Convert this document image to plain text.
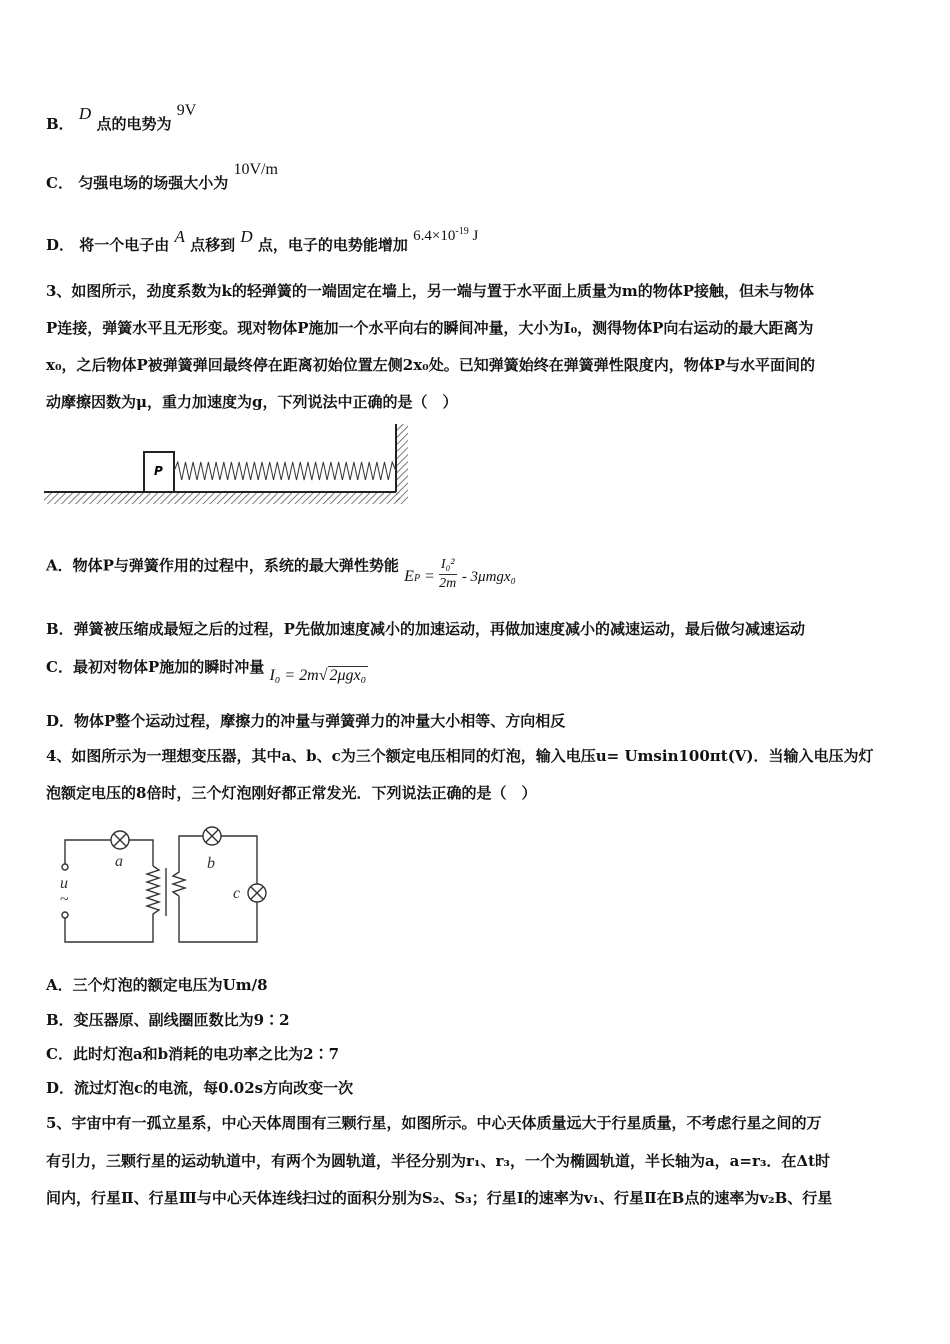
B． D 点的电势为 9V
C． 匀强电场的场强大小为 10V/m
D． 将一个电子由 A 点移到 D 点，电子的电势能增加 $6.4\times 10^{-19}$ J
3、如图所示，劲度系数为k的轻弹簧的一端固定在墙上，另一端与置于水平面上质量为m的物体P接触，但未与物体
P连接，弹簧水平且无形变。现对物体P施加一个水平向右的瞬间冲量，大小为I₀，测得物体P向右运动的最大距离为
x₀，之后物体P被弹簧弹回最终停在距离初始位置左侧2x₀处。已知弹簧始终在弹簧弹性限度内，物体P与水平面间的
动摩擦因数为μ，重力加速度为g，下列说法中正确的是（　）
P
A．物体P与弹簧作用的过程中，系统的最大弹性势能 EP = $\frac{\text{I₀²}}{2m} - 3\mu mgx_0$
B．弹簧被压缩成最短之后的过程，P先做加速度减小的加速运动，再做加速度减小的减速运动，最后做匀减速运动
C．最初对物体P施加的瞬时冲量 I₀ = 2m√ 2μgx₀
D．物体P整个运动过程，摩擦力的冲量与弹簧弹力的冲量大小相等、方向相反
4、如图所示为一理想变压器，其中a、b、c为三个额定电压相同的灯泡，输入电压u= Umsin100πt(V)．当输入电压为灯
泡额定电压的8倍时，三个灯泡刚好都正常发光．下列说法正确的是（　）
a	b
c
u
~
A．三个灯泡的额定电压为Um/8
B．变压器原、副线圈匝数比为9∶2
C．此时灯泡a和b消耗的电功率之比为2∶7
D．流过灯泡c的电流，每0.02s方向改变一次
5、宇宙中有一孤立星系，中心天体周围有三颗行星，如图所示。中心天体质量远大于行星质量，不考虑行星之间的万
有引力，三颗行星的运动轨道中，有两个为圆轨道，半径分别为r₁、r₃，一个为椭圆轨道，半长轴为a，a=r₃．在Δt时
间内，行星Ⅱ、行星Ⅲ与中心天体连线扫过的面积分别为S₂、S₃；行星Ⅰ的速率为v₁、行星Ⅱ在B点的速率为v₂B、行星
